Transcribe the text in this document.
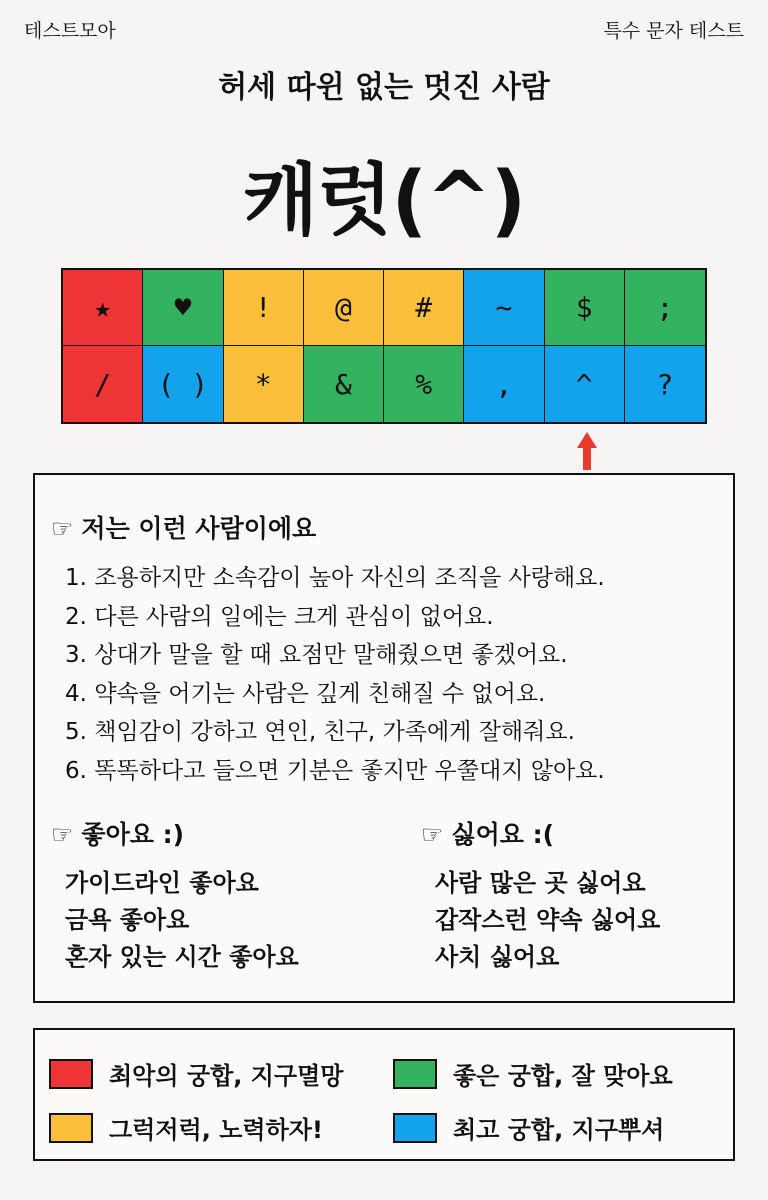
테스트모아	특수 문자 테스트
허세 따윈 없는 멋진 사람
캐럿(^)
★	♥	!	@	#	~	$	;
/	( )	*	&	%	,	^	?
☞ 저는 이런 사람이에요
1. 조용하지만 소속감이 높아 자신의 조직을 사랑해요.
2. 다른 사람의 일에는 크게 관심이 없어요.
3. 상대가 말을 할 때 요점만 말해줬으면 좋겠어요.
4. 약속을 어기는 사람은 깊게 친해질 수 없어요.
5. 책임감이 강하고 연인, 친구, 가족에게 잘해줘요.
6. 똑똑하다고 들으면 기분은 좋지만 우쭐대지 않아요.
☞ 좋아요 :)
가이드라인 좋아요
금욕 좋아요
혼자 있는 시간 좋아요
☞ 싫어요 :(
사람 많은 곳 싫어요
갑작스런 약속 싫어요
사치 싫어요
최악의 궁합, 지구멸망	좋은 궁합, 잘 맞아요
그럭저럭, 노력하자!	최고 궁합, 지구뿌셔
